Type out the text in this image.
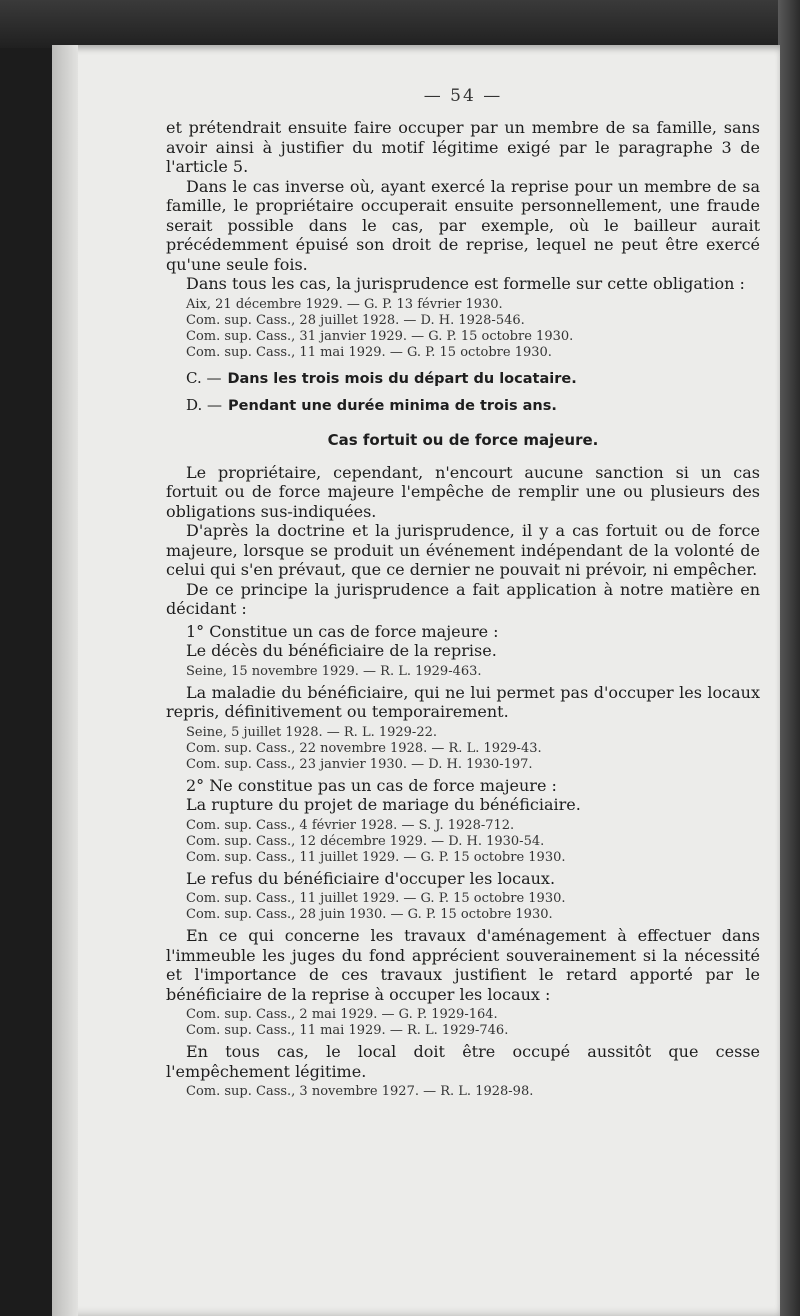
— 54 —

et prétendrait ensuite faire occuper par un membre de sa famille, sans avoir ainsi à justifier du motif légitime exigé par le paragraphe 3 de l'article 5.

Dans le cas inverse où, ayant exercé la reprise pour un membre de sa famille, le propriétaire occuperait ensuite personnellement, une fraude serait possible dans le cas, par exemple, où le bailleur aurait précédemment épuisé son droit de reprise, lequel ne peut être exercé qu'une seule fois.

Dans tous les cas, la jurisprudence est formelle sur cette obligation :

Aix, 21 décembre 1929. — G. P. 13 février 1930.
Com. sup. Cass., 28 juillet 1928. — D. H. 1928-546.
Com. sup. Cass., 31 janvier 1929. — G. P. 15 octobre 1930.
Com. sup. Cass., 11 mai 1929. — G. P. 15 octobre 1930.
C. — Dans les trois mois du départ du locataire.
D. — Pendant une durée minima de trois ans.
Cas fortuit ou de force majeure.

Le propriétaire, cependant, n'encourt aucune sanction si un cas fortuit ou de force majeure l'empêche de remplir une ou plusieurs des obligations sus-indiquées.

D'après la doctrine et la jurisprudence, il y a cas fortuit ou de force majeure, lorsque se produit un événement indépendant de la volonté de celui qui s'en prévaut, que ce dernier ne pouvait ni prévoir, ni empêcher.

De ce principe la jurisprudence a fait application à notre matière en décidant :

1° Constitue un cas de force majeure :

Le décès du bénéficiaire de la reprise.

Seine, 15 novembre 1929. — R. L. 1929-463.

La maladie du bénéficiaire, qui ne lui permet pas d'occuper les locaux repris, définitivement ou temporairement.

Seine, 5 juillet 1928. — R. L. 1929-22.
Com. sup. Cass., 22 novembre 1928. — R. L. 1929-43.
Com. sup. Cass., 23 janvier 1930. — D. H. 1930-197.

2° Ne constitue pas un cas de force majeure :

La rupture du projet de mariage du bénéficiaire.

Com. sup. Cass., 4 février 1928. — S. J. 1928-712.
Com. sup. Cass., 12 décembre 1929. — D. H. 1930-54.
Com. sup. Cass., 11 juillet 1929. — G. P. 15 octobre 1930.

Le refus du bénéficiaire d'occuper les locaux.

Com. sup. Cass., 11 juillet 1929. — G. P. 15 octobre 1930.
Com. sup. Cass., 28 juin 1930. — G. P. 15 octobre 1930.

En ce qui concerne les travaux d'aménagement à effectuer dans l'immeuble les juges du fond apprécient souverainement si la nécessité et l'importance de ces travaux justifient le retard apporté par le bénéficiaire de la reprise à occuper les locaux :

Com. sup. Cass., 2 mai 1929. — G. P. 1929-164.
Com. sup. Cass., 11 mai 1929. — R. L. 1929-746.

En tous cas, le local doit être occupé aussitôt que cesse l'empêchement légitime.

Com. sup. Cass., 3 novembre 1927. — R. L. 1928-98.
